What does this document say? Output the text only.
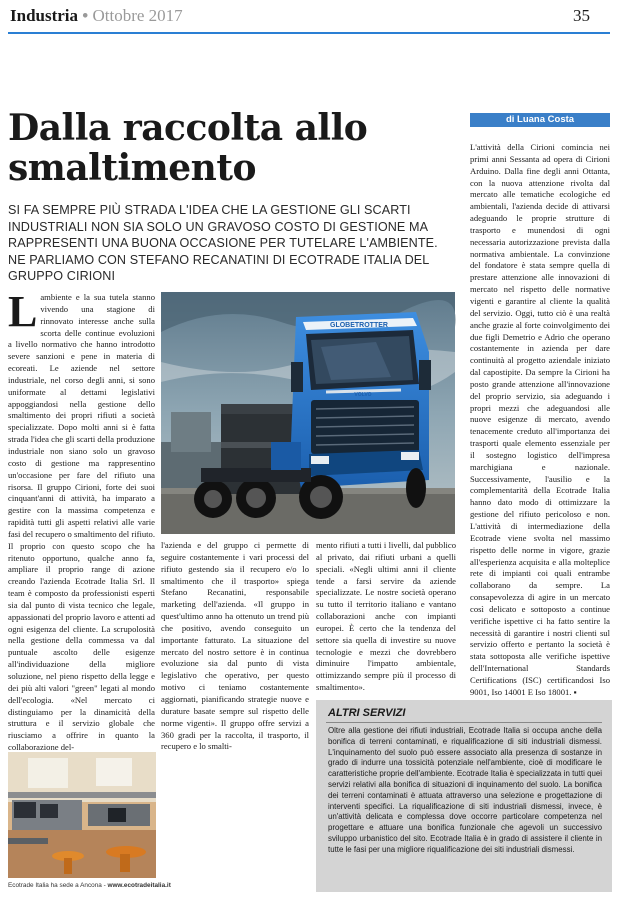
Industria • Ottobre 2017	35
Dalla raccolta allo smaltimento
di Luana Costa
SI FA SEMPRE PIÙ STRADA L'IDEA CHE LA GESTIONE GLI SCARTI INDUSTRIALI NON SIA SOLO UN GRAVOSO COSTO DI GESTIONE MA RAPPRESENTI UNA BUONA OCCASIONE PER TUTELARE L'AMBIENTE. NE PARLIAMO CON STEFANO RECANATINI DI ECOTRADE ITALIA DEL GRUPPO CIRIONI
Lambiente e la sua tutela stanno vivendo una stagione di rinnovato interesse anche sulla scorta delle continue evoluzioni a livello normativo che hanno introdotto severe sanzioni e pene in materia di ecoreati. Le aziende nel settore industriale, nel corso degli anni, si sono uniformate al dettami legislativi appoggiandosi nella gestione dello smaltimento dei propri rifiuti a società specializzate. Dopo molti anni si è fatta strada l'idea che gli scarti della produzione industriale non siano solo un gravoso costo di gestione ma rappresentino un'occasione per fare del rifiuto una risorsa. Il gruppo Cirioni, forte dei suoi cinquant'anni di attività, ha imparato a gestire con la massima competenza e rapidità tutti gli aspetti relativi alle varie fasi del recupero o smaltimento del rifiuto. Il proprio con questo scopo che ha ritenuto opportuno, qualche anno fa, ampliare il proprio range di azione creando l'azienda Ecotrade Italia Srl. Il team è composto da professionisti esperti sia dal punto di vista tecnico che legale, appassionati del proprio lavoro e attenti ad ogni esigenza del cliente. La scrupolosità nella gestione della commessa va dal puntuale ascolto delle esigenze all'individuazione della migliore soluzione, nel pieno rispetto della legge e dei più alti valori "green" legati al mondo dell'ecologia. «Nel mercato ci distinguiamo per la dinamicità della struttura e il servizio globale che riusciamo a offrire in quanto la collaborazione del-
GLOBETROTTER
VOLVO
l'azienda e del gruppo ci permette di seguire costantemente i vari processi del rifiuto gestendo sia il recupero e/o lo smaltimento che il trasporto» spiega Stefano Recanatini, responsabile marketing dell'azienda. «Il gruppo in quest'ultimo anno ha ottenuto un trend più che positivo, avendo conseguito un importante fatturato. La situazione del mercato del nostro settore è in continua evoluzione sia dal punto di vista legislativo che operativo, per questo motivo ci teniamo costantemente aggiornati, pianificando strategie nuove e durature basate sempre sul rispetto delle norme vigenti». Il gruppo offre servizi a 360 gradi per la raccolta, il trasporto, il recupero e lo smalti-
mento rifiuti a tutti i livelli, dal pubblico al privato, dai rifiuti urbani a quelli speciali. «Negli ultimi anni il cliente tende a farsi servire da aziende specializzate. Le nostre società operano su tutto il territorio italiano e vantano collaborazioni anche con impianti europei. È certo che la tendenza del settore sia quella di investire su nuove tecnologie e mezzi che dovrebbero diminuire l'impatto ambientale, ottimizzando sempre più il processo di smaltimento».
L'attività della Cirioni comincia nei primi anni Sessanta ad opera di Cirioni Arduino. Dalla fine degli anni Ottanta, con la nuova attenzione rivolta dal mercato alle tematiche ecologiche ed ambientali, l'azienda decide di attivarsi adeguando le proprie strutture di trasporto e munendosi di ogni necessaria autorizzazione prevista dalla normativa ambientale. La convinzione del fondatore è stata sempre quella di prestare attenzione alle innovazioni di mercato nel rispetto delle normative vigenti e garantire al cliente la qualità del servizio. Oggi, tutto ciò è una realtà anche grazie al forte coinvolgimento dei due figli Demetrio e Adrio che operano costantemente in azienda per dare continuità al progetto aziendale iniziato dal capostipite. Da sempre la Cirioni ha posto grande attenzione all'innovazione del proprio servizio, sia adeguando i propri mezzi che adeguandosi alle nuove esigenze di mercato, avendo tenacemente creduto all'importanza dei trasporti quale elemento essenziale per il sostegno logistico dell'impresa marchigiana e nazionale. Successivamente, l'ausilio e la complementarità della Ecotrade Italia hanno dato modo di ottimizzare la gestione del rifiuto pericoloso e non. L'attività di intermediazione della Ecotrade viene svolta nel massimo rispetto delle norme in vigore, grazie all'esperienza acquisita e alla molteplice rete di impianti coi quali entrambe collaborano da sempre. La consapevolezza di agire in un mercato così delicato e sottoposto a continue verifiche ispettive ci ha fatto sentire la necessità di garantire i nostri clienti sul servizio offerto e pertanto la società è stata sottoposta alle verifiche ispettive dell'International Standards Certifications (ISC) certificandosi Iso 9001, Iso 14001 E Iso 18001. ▪
Ecotrade Italia ha sede a Ancona - www.ecotradeitalia.it
ALTRI SERVIZI
Oltre alla gestione dei rifiuti industriali, Ecotrade Italia si occupa anche della bonifica di terreni contaminati, e riqualificazione di siti industriali dismessi. L'inquinamento del suolo può essere associato alla presenza di sostanze in grado di indurre una tossicità potenziale nell'ambiente, cioè di modificare le caratteristiche proprie dell'ambiente. Ecotrade Italia è specializzata in tutti quei servizi relativi alla bonifica di situazioni di inquinamento del suolo. La bonifica dei terreni contaminati è attuata attraverso una selezione e progettazione di interventi specifici. La riqualificazione di siti industriali dismessi, invece, è un'attività delicata e complessa dove occorre particolare competenza nel progettare e attuare una bonifica funzionale che agevoli un successivo sviluppo urbanistico del sito. Ecotrade Italia è in grado di assistere il cliente in tutte le fasi per una migliore riqualificazione dei siti industriali dismessi.
